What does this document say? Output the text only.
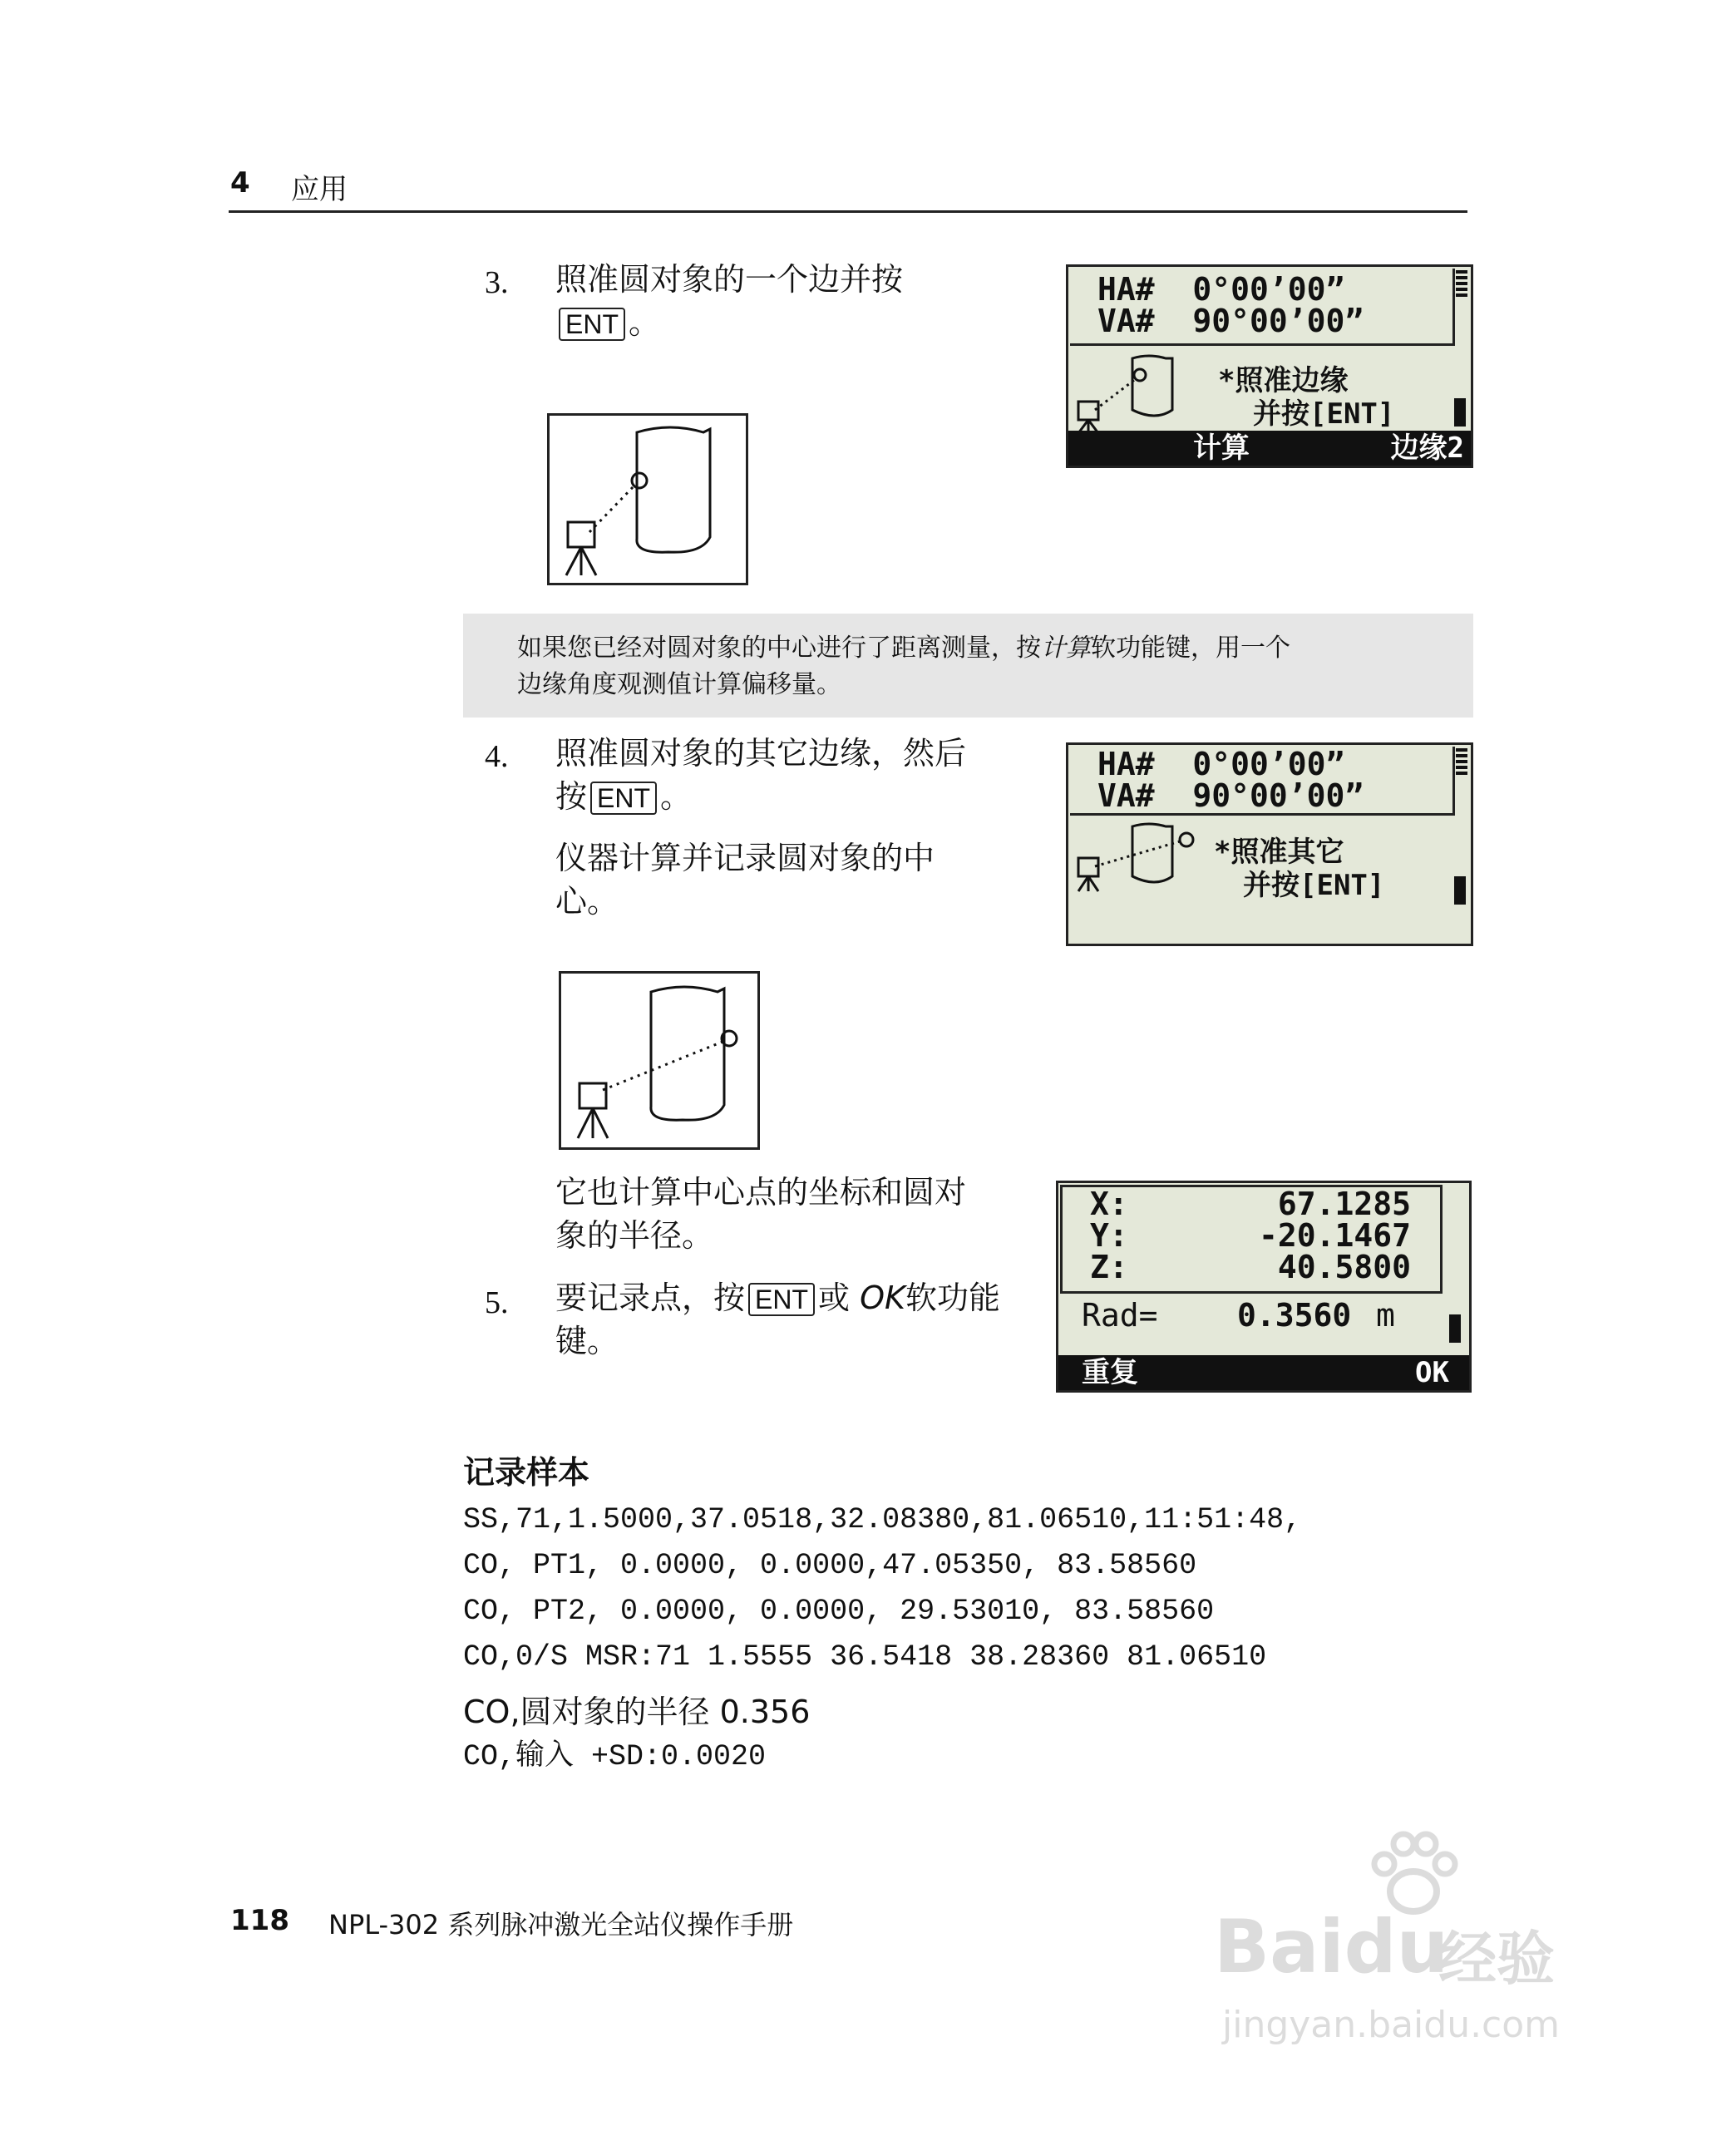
4 应用
3. 照准圆对象的一个边并按
ENT 。
HA#  0°00’00”
VA#  90°00’00”
*照准边缘
并按[ENT]
计算	边缘2
如果您已经对圆对象的中心进行了距离测量，按计算软功能键，用一个
边缘角度观测值计算偏移量。
4. 照准圆对象的其它边缘，然后
按 ENT 。
仪器计算并记录圆对象的中
心。
HA#  0°00’00”
VA#  90°00’00”
*照准其它
并按[ENT]
它也计算中心点的坐标和圆对
象的半径。
5. 要记录点，按 ENT 或 OK软功能
键。
X:	67.1285
Y:	-20.1467
Z:	40.5800
Rad=	0.3560 m
重复	OK
记录样本
SS,71,1.5000,37.0518,32.08380,81.06510,11:51:48,
CO, PT1, 0.0000, 0.0000,47.05350, 83.58560
CO, PT2, 0.0000, 0.0000, 29.53010, 83.58560
CO,0/S MSR:71 1.5555 36.5418 38.28360 81.06510
CO,圆对象的半径 0.356
CO,输入 +SD:0.0020
118 NPL-302 系列脉冲激光全站仪操作手册	Baidu
经验
jingyan.baidu.com
